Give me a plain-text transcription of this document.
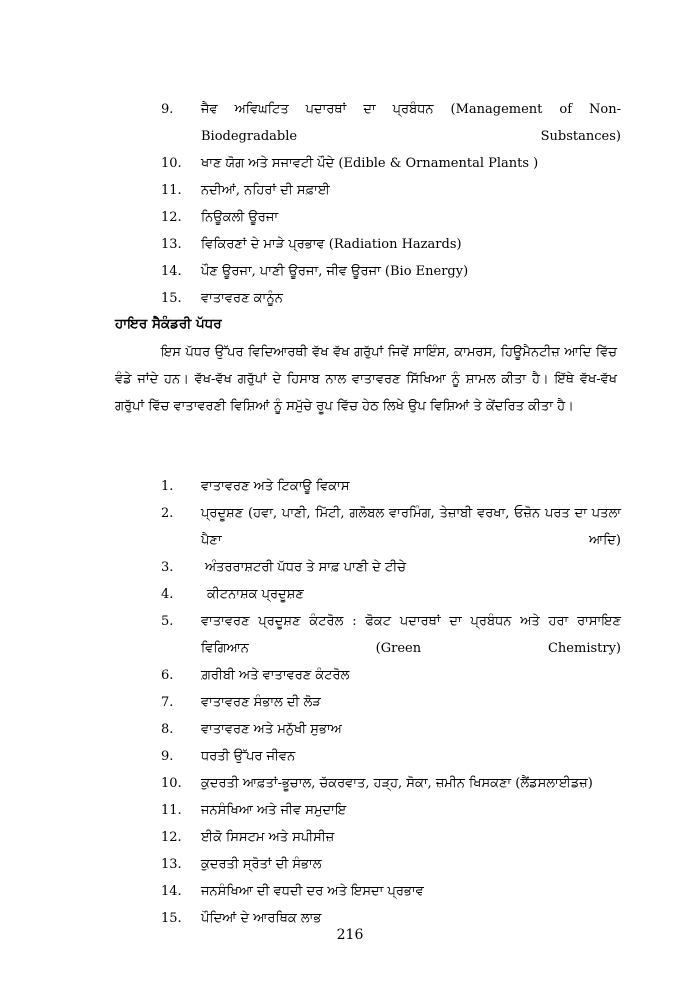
9. ਜੈਵ ਅਵਿਘਟਿਤ ਪਦਾਰਥਾਂ ਦਾ ਪ੍ਰਬੰਧਨ (Management of Non-Biodegradable Substances)
10. ਖਾਣ ਯੋਗ ਅਤੇ ਸਜਾਵਟੀ ਪੌਦੇ (Edible & Ornamental Plants )
11. ਨਦੀਆਂ, ਨਹਿਰਾਂ ਦੀ ਸਫ਼ਾਈ
12. ਨਿਊਕਲੀ ਊਰਜਾ
13. ਵਿਕਿਰਣਾਂ ਦੇ ਮਾੜੇ ਪ੍ਰਭਾਵ (Radiation Hazards)
14. ਪੌਣ ਊਰਜਾ, ਪਾਣੀ ਊਰਜਾ, ਜੀਵ ਊਰਜਾ (Bio Energy)
15. ਵਾਤਾਵਰਣ ਕਾਨੂੰਨ
ਹਾਇਰ ਸੈਕੰਡਰੀ ਪੱਧਰ
ਇਸ ਪੱਧਰ ਉੱਪਰ ਵਿਦਿਆਰਥੀ ਵੱਖ ਵੱਖ ਗਰੁੱਪਾਂ ਜਿਵੇਂ ਸਾਇੰਸ, ਕਾਮਰਸ, ਹਿਊਮੈਨਟੀਜ਼ ਆਦਿ ਵਿੱਚ ਵੰਡੇ ਜਾਂਦੇ ਹਨ। ਵੱਖ-ਵੱਖ ਗਰੁੱਪਾਂ ਦੇ ਹਿਸਾਬ ਨਾਲ ਵਾਤਾਵਰਣ ਸਿੱਖਿਆ ਨੂੰ ਸ਼ਾਮਲ ਕੀਤਾ ਹੈ। ਇੱਥੇ ਵੱਖ-ਵੱਖ ਗਰੁੱਪਾਂ ਵਿੱਚ ਵਾਤਾਵਰਣੀ ਵਿਸ਼ਿਆਂ ਨੂੰ ਸਮੁੱਚੇ ਰੂਪ ਵਿੱਚ ਹੇਠ ਲਿਖੇ ਉਪ ਵਿਸ਼ਿਆਂ ਤੇ ਕੇਂਦਰਿਤ ਕੀਤਾ ਹੈ।
1. ਵਾਤਾਵਰਣ ਅਤੇ ਟਿਕਾਊ ਵਿਕਾਸ
2. ਪ੍ਰਦੂਸ਼ਣ (ਹਵਾ, ਪਾਣੀ, ਮਿੱਟੀ, ਗਲੋਬਲ ਵਾਰਮਿੰਗ, ਤੇਜ਼ਾਬੀ ਵਰਖਾ, ਓਜ਼ੋਨ ਪਰਤ ਦਾ ਪਤਲਾ ਪੈਣਾ ਆਦਿ)
3.	ਅੰਤਰਰਾਸ਼ਟਰੀ ਪੱਧਰ ਤੇ ਸਾਫ਼ ਪਾਣੀ ਦੇ ਟੀਚੇ
4.	ਕੀਟਨਾਸ਼ਕ ਪ੍ਰਦੂਸ਼ਣ
5. ਵਾਤਾਵਰਣ ਪ੍ਰਦੂਸ਼ਣ ਕੰਟਰੋਲ : ਫੋਕਟ ਪਦਾਰਥਾਂ ਦਾ ਪ੍ਰਬੰਧਨ ਅਤੇ ਹਰਾ ਰਾਸਾਇਣ ਵਿਗਿਆਨ (Green Chemistry)
6. ਗ਼ਰੀਬੀ ਅਤੇ ਵਾਤਾਵਰਣ ਕੰਟਰੋਲ
7. ਵਾਤਾਵਰਣ ਸੰਭਾਲ ਦੀ ਲੋੜ
8. ਵਾਤਾਵਰਣ ਅਤੇ ਮਨੁੱਖੀ ਸੁਭਾਅ
9. ਧਰਤੀ ਉੱਪਰ ਜੀਵਨ
10. ਕੁਦਰਤੀ ਆਫ਼ਤਾਂ-ਭੂਚਾਲ, ਚੱਕਰਵਾਤ, ਹੜ੍ਹ, ਸੋਕਾ, ਜ਼ਮੀਨ ਖਿਸਕਣਾ (ਲੈਂਡਸਲਾਈਡਜ਼)
11. ਜਨਸੰਖਿਆ ਅਤੇ ਜੀਵ ਸਮੁਦਾਇ
12. ਈਕੋ ਸਿਸਟਮ ਅਤੇ ਸਪੀਸੀਜ਼
13. ਕੁਦਰਤੀ ਸ੍ਰੋਤਾਂ ਦੀ ਸੰਭਾਲ
14. ਜਨਸੰਖਿਆ ਦੀ ਵਧਦੀ ਦਰ ਅਤੇ ਇਸਦਾ ਪ੍ਰਭਾਵ
15. ਪੌਦਿਆਂ ਦੇ ਆਰਥਿਕ ਲਾਭ
216
